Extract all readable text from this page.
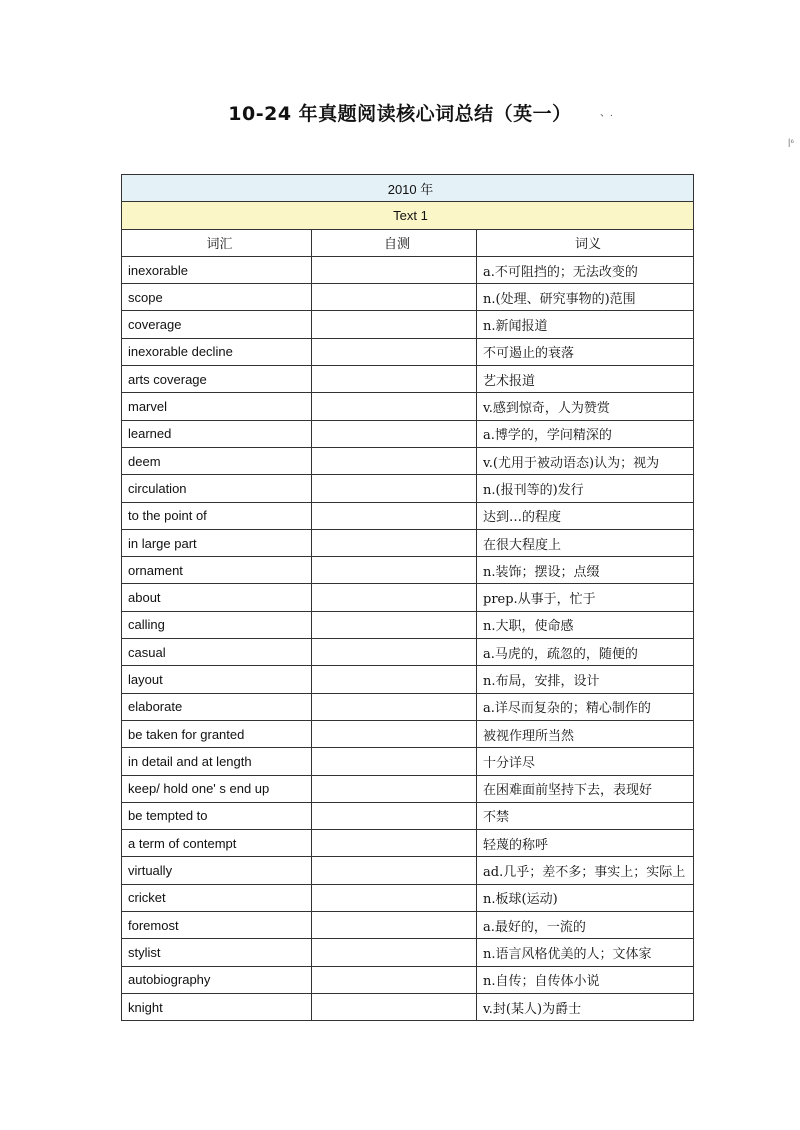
10-24 年真题阅读核心词总结（英一）	、.
|⁶
2010 年		
Text 1		
词汇	自测	词义
inexorable		a.不可阻挡的；无法改变的
scope		n.(处理、研究事物的)范围
coverage		n.新闻报道
inexorable decline		不可遏止的衰落
arts coverage		艺术报道
marvel		v.感到惊奇，人为赞赏
learned		a.博学的，学问精深的
deem		v.(尤用于被动语态)认为；视为
circulation		n.(报刊等的)发行
to the point of		达到…的程度
in large part		在很大程度上
ornament		n.装饰；摆设；点缀
about		prep.从事于，忙于
calling		n.大职，使命感
casual		a.马虎的，疏忽的，随便的
layout		n.布局，安排，设计
elaborate		a.详尽而复杂的；精心制作的
be taken for granted		被视作理所当然
in detail and at length		十分详尽
keep/ hold one' s end up		在困难面前坚持下去，表现好
be tempted to		不禁
a term of contempt		轻蔑的称呼
virtually		ad.几乎；差不多；事实上；实际上
cricket		n.板球(运动)
foremost		a.最好的，一流的
stylist		n.语言风格优美的人；文体家
autobiography		n.自传；自传体小说
knight		v.封(某人)为爵士
